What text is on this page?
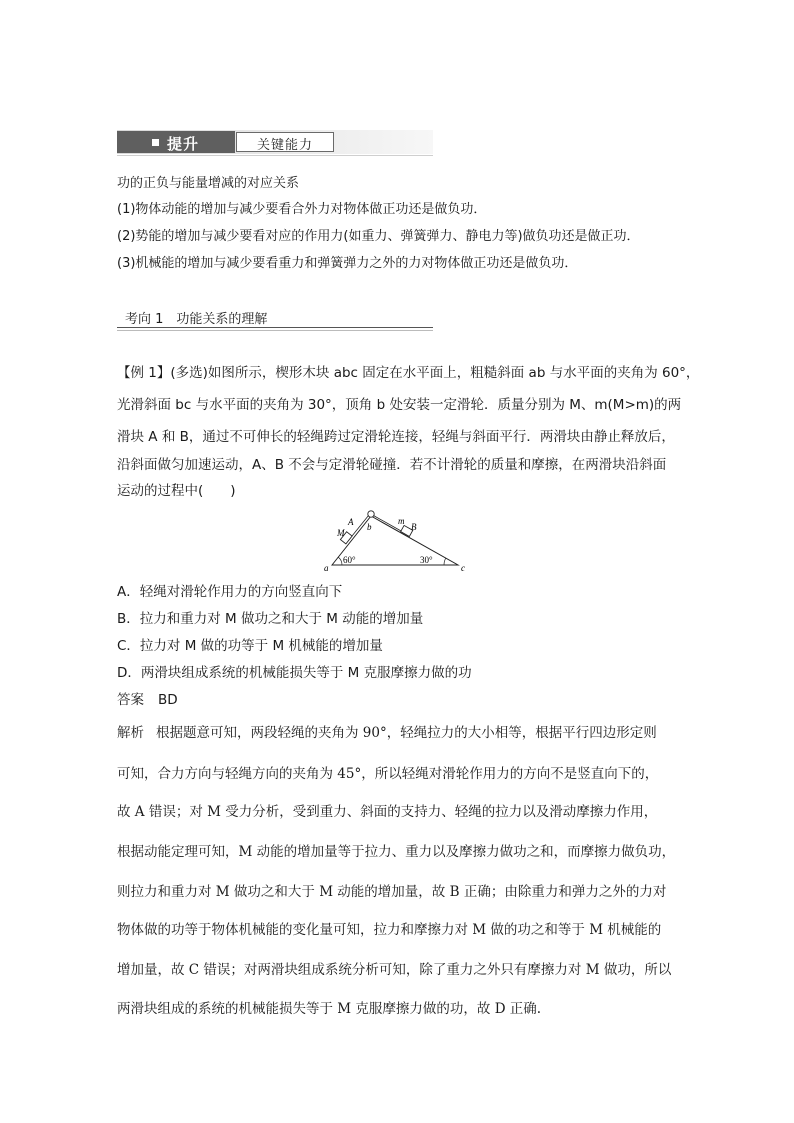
提升	关键能力
功的正负与能量增减的对应关系
(1)物体动能的增加与减少要看合外力对物体做正功还是做负功．
(2)势能的增加与减少要看对应的作用力(如重力、弹簧弹力、静电力等)做负功还是做正功．
(3)机械能的增加与减少要看重力和弹簧弹力之外的力对物体做正功还是做负功．
考向 1　功能关系的理解
【例 1】(多选)如图所示，楔形木块 abc 固定在水平面上，粗糙斜面 ab 与水平面的夹角为 60°，
光滑斜面 bc 与水平面的夹角为 30°，顶角 b 处安装一定滑轮．质量分别为 M、m(M>m)的两
滑块 A 和 B，通过不可伸长的轻绳跨过定滑轮连接，轻绳与斜面平行．两滑块由静止释放后，
沿斜面做匀加速运动，A、B 不会与定滑轮碰撞．若不计滑轮的质量和摩擦，在两滑块沿斜面
运动的过程中(　　)
a
b
c
A
M
m
B
60°	30°
A．轻绳对滑轮作用力的方向竖直向下
B．拉力和重力对 M 做功之和大于 M 动能的增加量
C．拉力对 M 做的功等于 M 机械能的增加量
D．两滑块组成系统的机械能损失等于 M 克服摩擦力做的功
答案 BD
解析 根据题意可知，两段轻绳的夹角为 90°，轻绳拉力的大小相等，根据平行四边形定则
可知，合力方向与轻绳方向的夹角为 45°，所以轻绳对滑轮作用力的方向不是竖直向下的，
故 A 错误；对 M 受力分析，受到重力、斜面的支持力、轻绳的拉力以及滑动摩擦力作用，
根据动能定理可知，M 动能的增加量等于拉力、重力以及摩擦力做功之和，而摩擦力做负功，
则拉力和重力对 M 做功之和大于 M 动能的增加量，故 B 正确；由除重力和弹力之外的力对
物体做的功等于物体机械能的变化量可知，拉力和摩擦力对 M 做的功之和等于 M 机械能的
增加量，故 C 错误；对两滑块组成系统分析可知，除了重力之外只有摩擦力对 M 做功，所以
两滑块组成的系统的机械能损失等于 M 克服摩擦力做的功，故 D 正确.
